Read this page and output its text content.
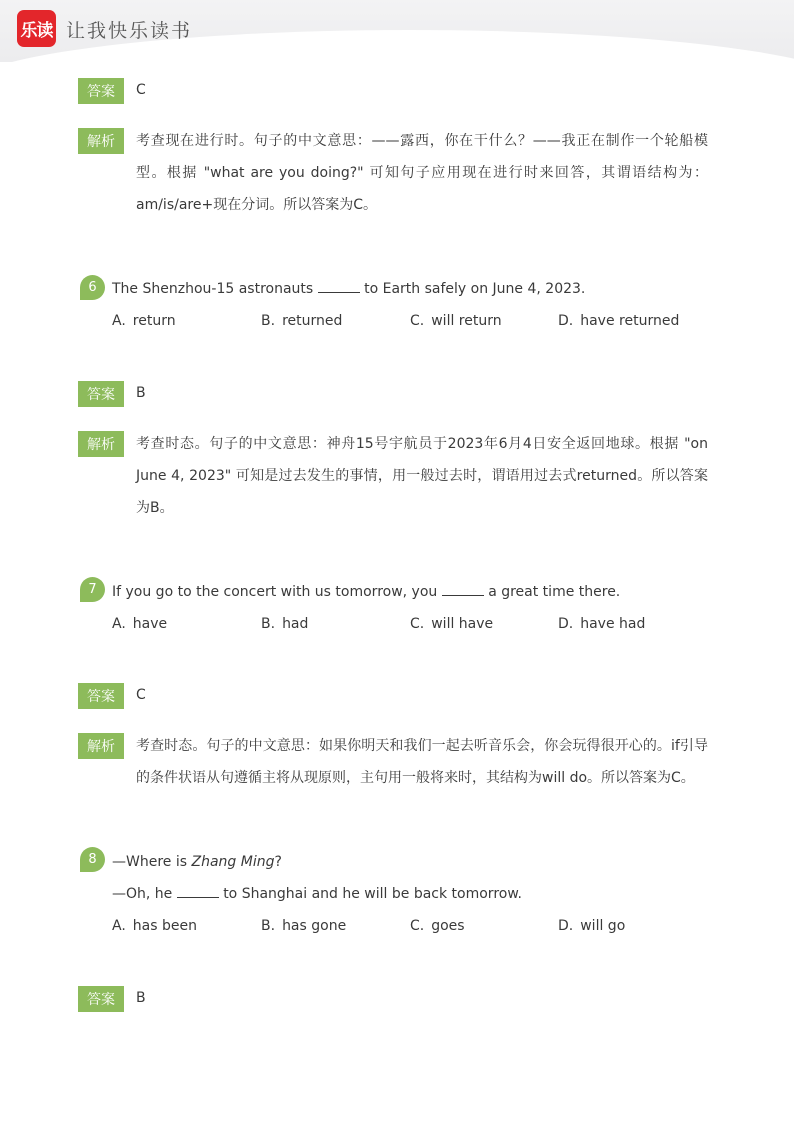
乐读 让我快乐读书
答案	C
解析	考查现在进行时。句子的中文意思：——露西，你在干什么？——我正在制作一个轮船模型。根据 "what are you doing?" 可知句子应用现在进行时来回答，其谓语结构为：am/is/are+现在分词。所以答案为C。
6	The Shenzhou-15 astronauts	to Earth safely on June 4, 2023.
A. return	B. returned	C. will return	D. have returned
答案	B
解析	考查时态。句子的中文意思：神舟15号宇航员于2023年6月4日安全返回地球。根据 "on June 4, 2023" 可知是过去发生的事情，用一般过去时，谓语用过去式returned。所以答案为B。
7	If you go to the concert with us tomorrow, you	a great time there.
A. have	B. had	C. will have	D. have had
答案	C
解析	考查时态。句子的中文意思：如果你明天和我们一起去听音乐会，你会玩得很开心的。if引导的条件状语从句遵循主将从现原则，主句用一般将来时，其结构为will do。所以答案为C。
8	—Where is Zhang Ming?
—Oh, he	to Shanghai and he will be back tomorrow.
A. has been	B. has gone	C. goes	D. will go
答案	B
